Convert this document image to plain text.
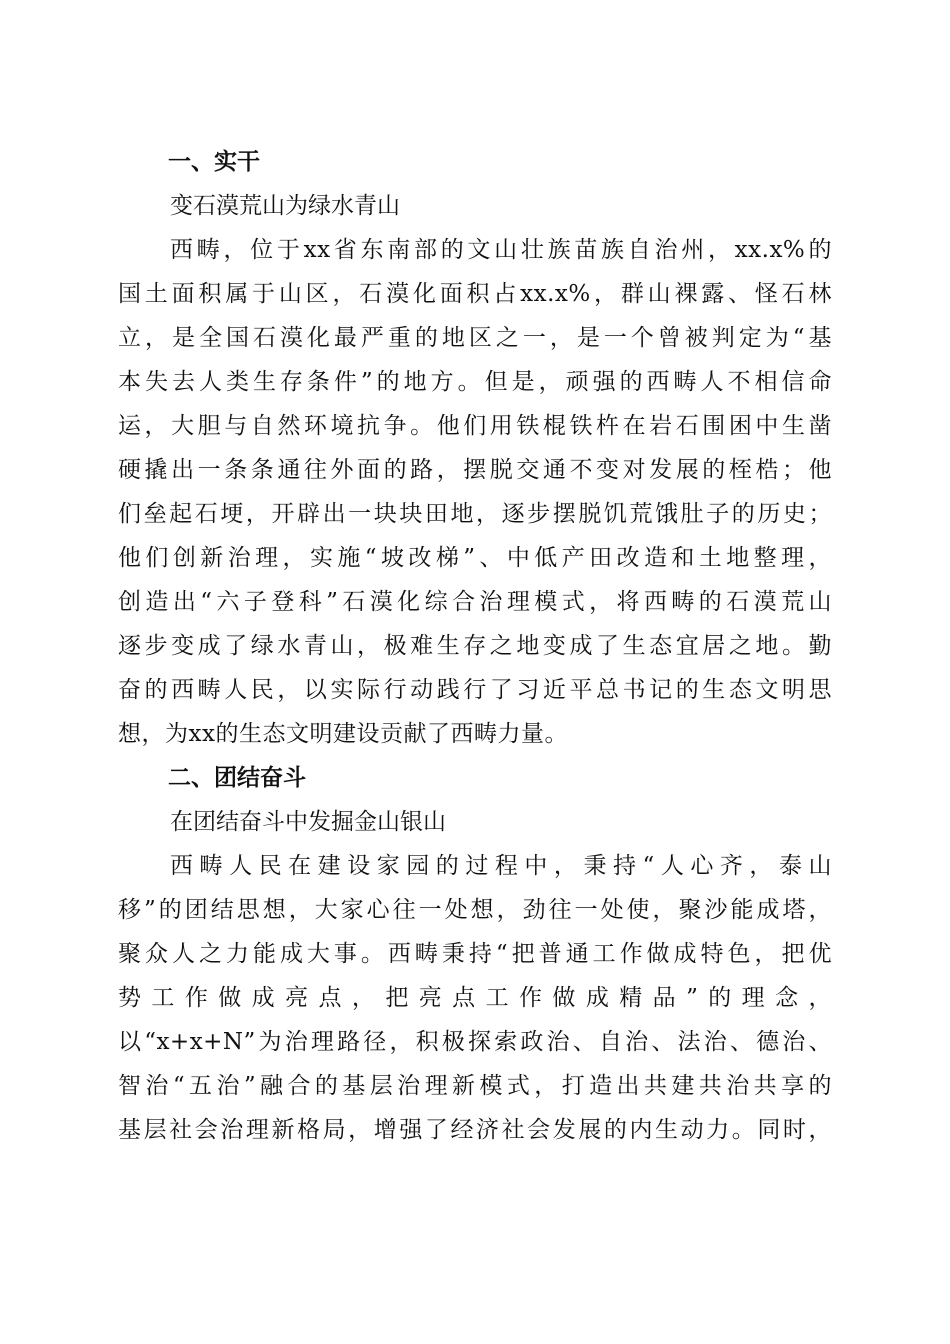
一、实干
变石漠荒山为绿水青山
西畴，位于xx省东南部的文山壮族苗族自治州，xx.x%的
国土面积属于山区，石漠化面积占xx.x%，群山裸露、怪石林
立，是全国石漠化最严重的地区之一，是一个曾被判定为“基
本失去人类生存条件”的地方。但是，顽强的西畴人不相信命
运，大胆与自然环境抗争。他们用铁棍铁杵在岩石围困中生凿
硬撬出一条条通往外面的路，摆脱交通不变对发展的桎梏；他
们垒起石埂，开辟出一块块田地，逐步摆脱饥荒饿肚子的历史；
他们创新治理，实施“坡改梯”、中低产田改造和土地整理，
创造出“六子登科”石漠化综合治理模式，将西畴的石漠荒山
逐步变成了绿水青山，极难生存之地变成了生态宜居之地。勤
奋的西畴人民，以实际行动践行了习近平总书记的生态文明思
想，为xx的生态文明建设贡献了西畴力量。
二、团结奋斗
在团结奋斗中发掘金山银山
西畴人民在建设家园的过程中，秉持“人心齐，泰山
移”的团结思想，大家心往一处想，劲往一处使，聚沙能成塔，
聚众人之力能成大事。西畴秉持“把普通工作做成特色，把优
势工作做成亮点，把亮点工作做成精品”的理念，
以“x+x+N”为治理路径，积极探索政治、自治、法治、德治、
智治“五治”融合的基层治理新模式，打造出共建共治共享的
基层社会治理新格局，增强了经济社会发展的内生动力。同时，
